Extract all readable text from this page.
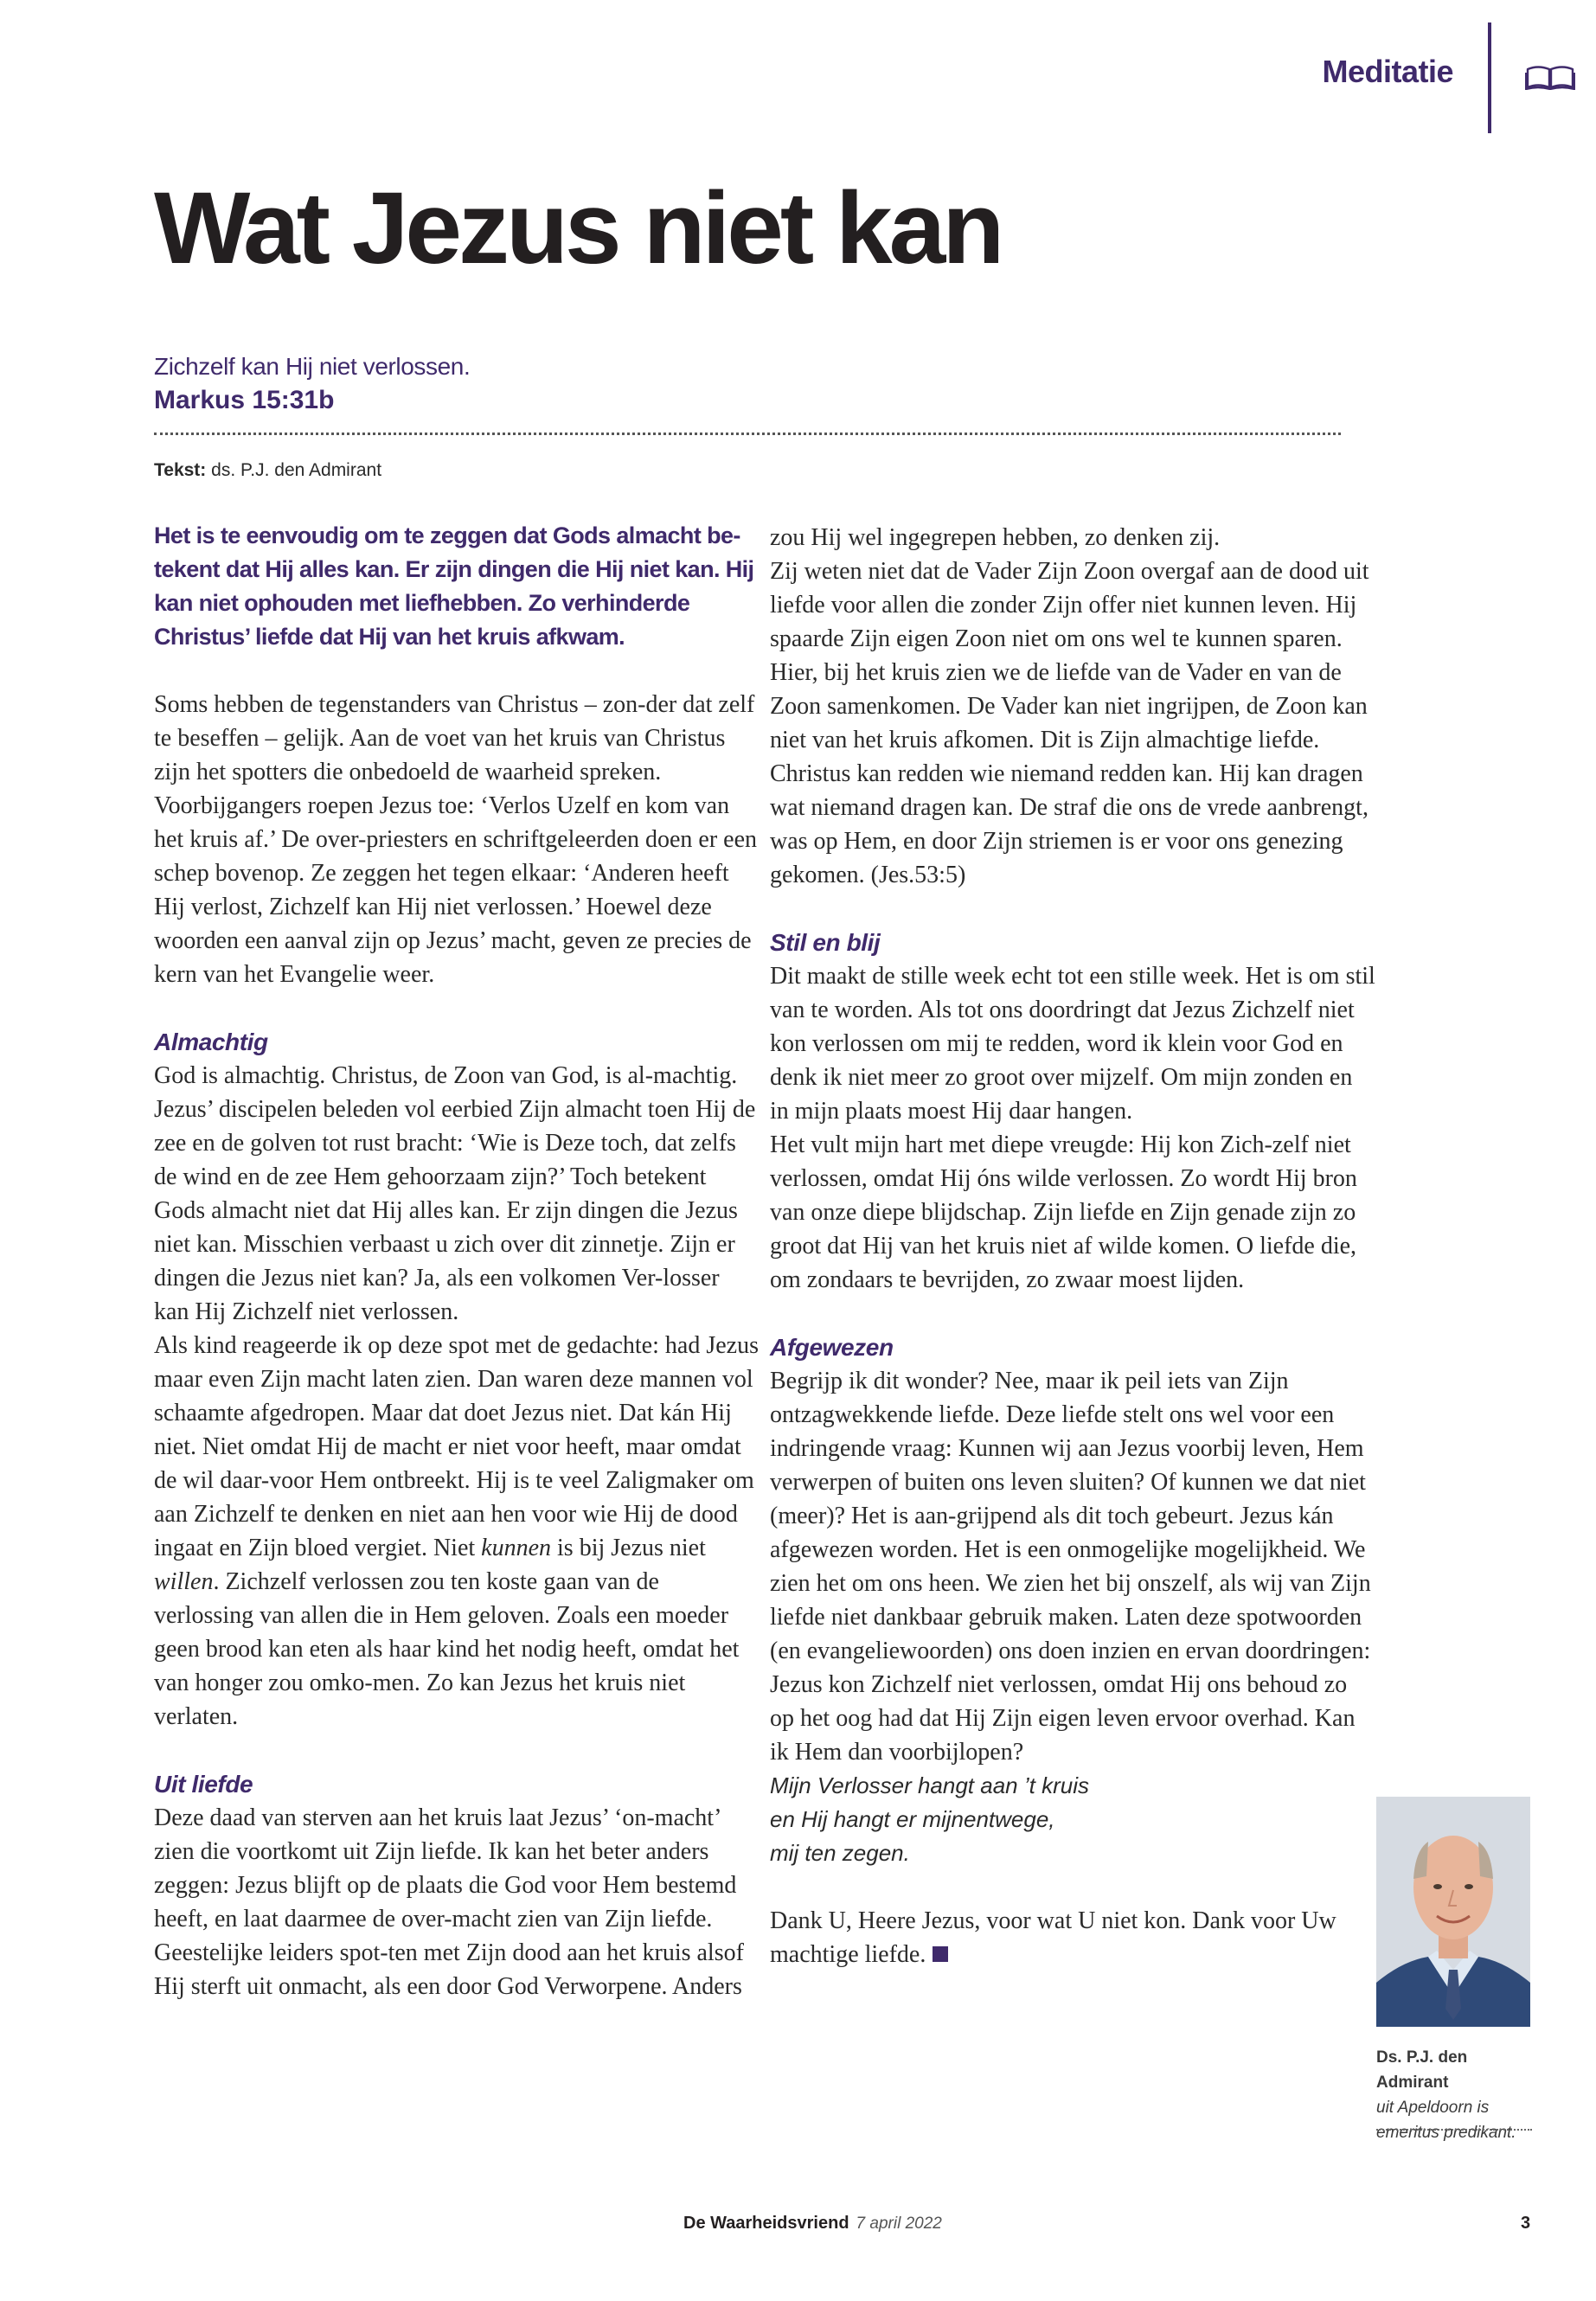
Meditatie
Wat Jezus niet kan
Zichzelf kan Hij niet verlossen.
Markus 15:31b
Tekst: ds. P.J. den Admirant

Het is te eenvoudig om te zeggen dat Gods almacht be-tekent dat Hij alles kan. Er zijn dingen die Hij niet kan. Hij kan niet ophouden met liefhebben. Zo verhinderde Christus’ liefde dat Hij van het kruis afkwam.

Soms hebben de tegenstanders van Christus – zon-der dat zelf te beseffen – gelijk. Aan de voet van het kruis van Christus zijn het spotters die onbedoeld de waarheid spreken. Voorbijgangers roepen Jezus toe: ‘Verlos Uzelf en kom van het kruis af.’ De over-priesters en schriftgeleerden doen er een schep bovenop. Ze zeggen het tegen elkaar: ‘Anderen heeft Hij verlost, Zichzelf kan Hij niet verlossen.’ Hoewel deze woorden een aanval zijn op Jezus’ macht, geven ze precies de kern van het Evangelie weer.

Almachtig

God is almachtig. Christus, de Zoon van God, is al-machtig. Jezus’ discipelen beleden vol eerbied Zijn almacht toen Hij de zee en de golven tot rust bracht: ‘Wie is Deze toch, dat zelfs de wind en de zee Hem gehoorzaam zijn?’ Toch betekent Gods almacht niet dat Hij alles kan. Er zijn dingen die Jezus niet kan. Misschien verbaast u zich over dit zinnetje. Zijn er dingen die Jezus niet kan? Ja, als een volkomen Ver-losser kan Hij Zichzelf niet verlossen.

Als kind reageerde ik op deze spot met de gedachte: had Jezus maar even Zijn macht laten zien. Dan waren deze mannen vol schaamte afgedropen. Maar dat doet Jezus niet. Dat kán Hij niet. Niet omdat Hij de macht er niet voor heeft, maar omdat de wil daar-voor Hem ontbreekt. Hij is te veel Zaligmaker om aan Zichzelf te denken en niet aan hen voor wie Hij de dood ingaat en Zijn bloed vergiet. Niet kunnen is bij Jezus niet willen. Zichzelf verlossen zou ten koste gaan van de verlossing van allen die in Hem geloven. Zoals een moeder geen brood kan eten als haar kind het nodig heeft, omdat het van honger zou omko-men. Zo kan Jezus het kruis niet verlaten.

Uit liefde

Deze daad van sterven aan het kruis laat Jezus’ ‘on-macht’ zien die voortkomt uit Zijn liefde. Ik kan het beter anders zeggen: Jezus blijft op de plaats die God voor Hem bestemd heeft, en laat daarmee de over-macht zien van Zijn liefde. Geestelijke leiders spot-ten met Zijn dood aan het kruis alsof Hij sterft uit onmacht, als een door God Verworpene. Anders

zou Hij wel ingegrepen hebben, zo denken zij.

Zij weten niet dat de Vader Zijn Zoon overgaf aan de dood uit liefde voor allen die zonder Zijn offer niet kunnen leven. Hij spaarde Zijn eigen Zoon niet om ons wel te kunnen sparen. Hier, bij het kruis zien we de liefde van de Vader en van de Zoon samenkomen. De Vader kan niet ingrijpen, de Zoon kan niet van het kruis afkomen. Dit is Zijn almachtige liefde. Christus kan redden wie niemand redden kan. Hij kan dragen wat niemand dragen kan. De straf die ons de vrede aanbrengt, was op Hem, en door Zijn striemen is er voor ons genezing gekomen. (Jes.53:5)

Stil en blij

Dit maakt de stille week echt tot een stille week. Het is om stil van te worden. Als tot ons doordringt dat Jezus Zichzelf niet kon verlossen om mij te redden, word ik klein voor God en denk ik niet meer zo groot over mijzelf. Om mijn zonden en in mijn plaats moest Hij daar hangen.

Het vult mijn hart met diepe vreugde: Hij kon Zich-zelf niet verlossen, omdat Hij óns wilde verlossen. Zo wordt Hij bron van onze diepe blijdschap. Zijn liefde en Zijn genade zijn zo groot dat Hij van het kruis niet af wilde komen. O liefde die, om zondaars te bevrijden, zo zwaar moest lijden.

Afgewezen

Begrijp ik dit wonder? Nee, maar ik peil iets van Zijn ontzagwekkende liefde. Deze liefde stelt ons wel voor een indringende vraag: Kunnen wij aan Jezus voorbij leven, Hem verwerpen of buiten ons leven sluiten? Of kunnen we dat niet (meer)? Het is aan-grijpend als dit toch gebeurt. Jezus kán afgewezen worden. Het is een onmogelijke mogelijkheid. We zien het om ons heen. We zien het bij onszelf, als wij van Zijn liefde niet dankbaar gebruik maken. Laten deze spotwoorden (en evangeliewoorden) ons doen inzien en ervan doordringen: Jezus kon Zichzelf niet verlossen, omdat Hij ons behoud zo op het oog had dat Hij Zijn eigen leven ervoor overhad. Kan ik Hem dan voorbijlopen?

Mijn Verlosser hangt aan ’t kruis

en Hij hangt er mijnentwege,

mij ten zegen.

Dank U, Heere Jezus, voor wat U niet kon. Dank voor Uw machtige liefde.

Ds. P.J. den Admirant
uit Apeldoorn is
emeritus predikant.
De Waarheidsvriend 7 april 2022	3
